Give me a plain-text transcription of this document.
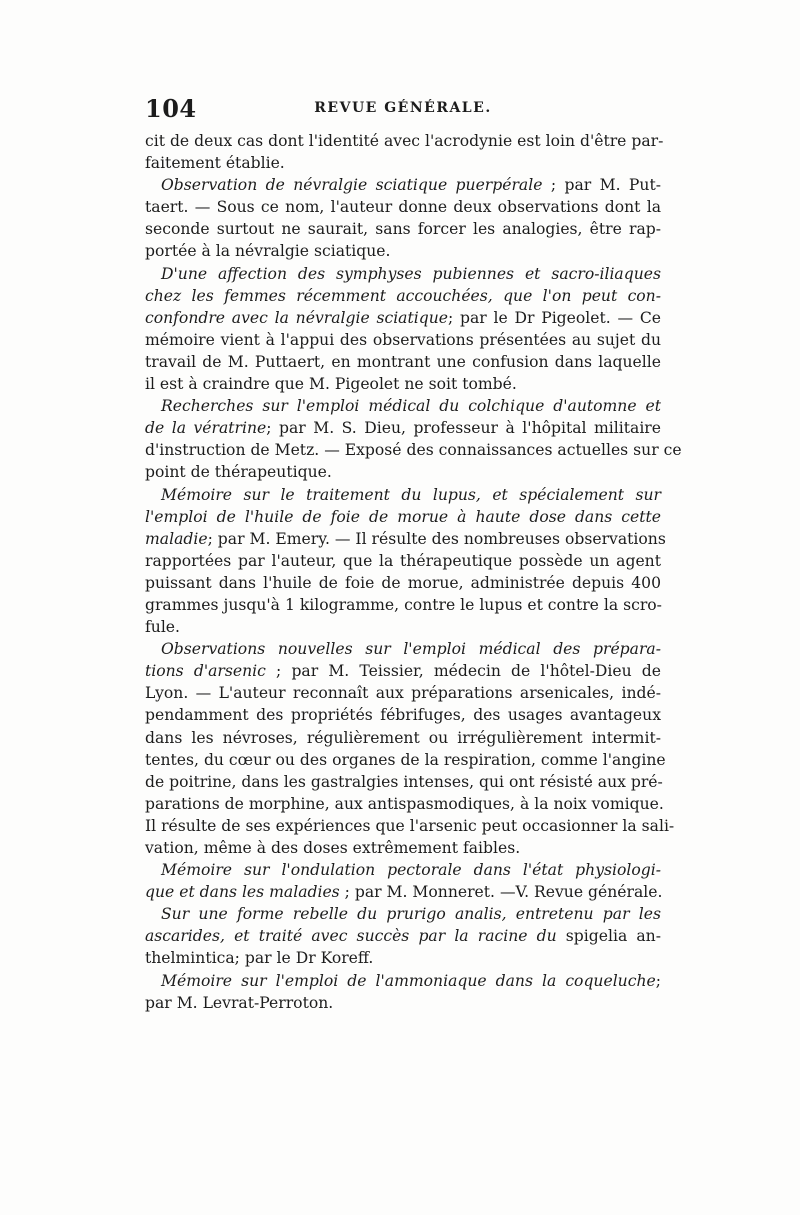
104	REVUE GÉNÉRALE.
cit de deux cas dont l'identité avec l'acrodynie est loin d'être par-
faitement établie.
Observation de névralgie sciatique puerpérale ; par M. Put-
taert. — Sous ce nom, l'auteur donne deux observations dont la
seconde surtout ne saurait, sans forcer les analogies, être rap-
portée à la névralgie sciatique.
D'une affection des symphyses pubiennes et sacro-iliaques
chez les femmes récemment accouchées, que l'on peut con-
confondre avec la névralgie sciatique; par le Dr Pigeolet. — Ce
mémoire vient à l'appui des observations présentées au sujet du
travail de M. Puttaert, en montrant une confusion dans laquelle
il est à craindre que M. Pigeolet ne soit tombé.
Recherches sur l'emploi médical du colchique d'automne et
de la vératrine; par M. S. Dieu, professeur à l'hôpital militaire
d'instruction de Metz. — Exposé des connaissances actuelles sur ce
point de thérapeutique.
Mémoire sur le traitement du lupus, et spécialement sur
l'emploi de l'huile de foie de morue à haute dose dans cette
maladie; par M. Emery. — Il résulte des nombreuses observations
rapportées par l'auteur, que la thérapeutique possède un agent
puissant dans l'huile de foie de morue, administrée depuis 400
grammes jusqu'à 1 kilogramme, contre le lupus et contre la scro-
fule.
Observations nouvelles sur l'emploi médical des prépara-
tions d'arsenic ; par M. Teissier, médecin de l'hôtel-Dieu de
Lyon. — L'auteur reconnaît aux préparations arsenicales, indé-
pendamment des propriétés fébrifuges, des usages avantageux
dans les névroses, régulièrement ou irrégulièrement intermit-
tentes, du cœur ou des organes de la respiration, comme l'angine
de poitrine, dans les gastralgies intenses, qui ont résisté aux pré-
parations de morphine, aux antispasmodiques, à la noix vomique.
Il résulte de ses expériences que l'arsenic peut occasionner la sali-
vation, même à des doses extrêmement faibles.
Mémoire sur l'ondulation pectorale dans l'état physiologi-
que et dans les maladies ; par M. Monneret. —V. Revue générale.
Sur une forme rebelle du prurigo analis, entretenu par les
ascarides, et traité avec succès par la racine du spigelia an-
thelmintica; par le Dr Koreff.
Mémoire sur l'emploi de l'ammoniaque dans la coqueluche;
par M. Levrat-Perroton.
